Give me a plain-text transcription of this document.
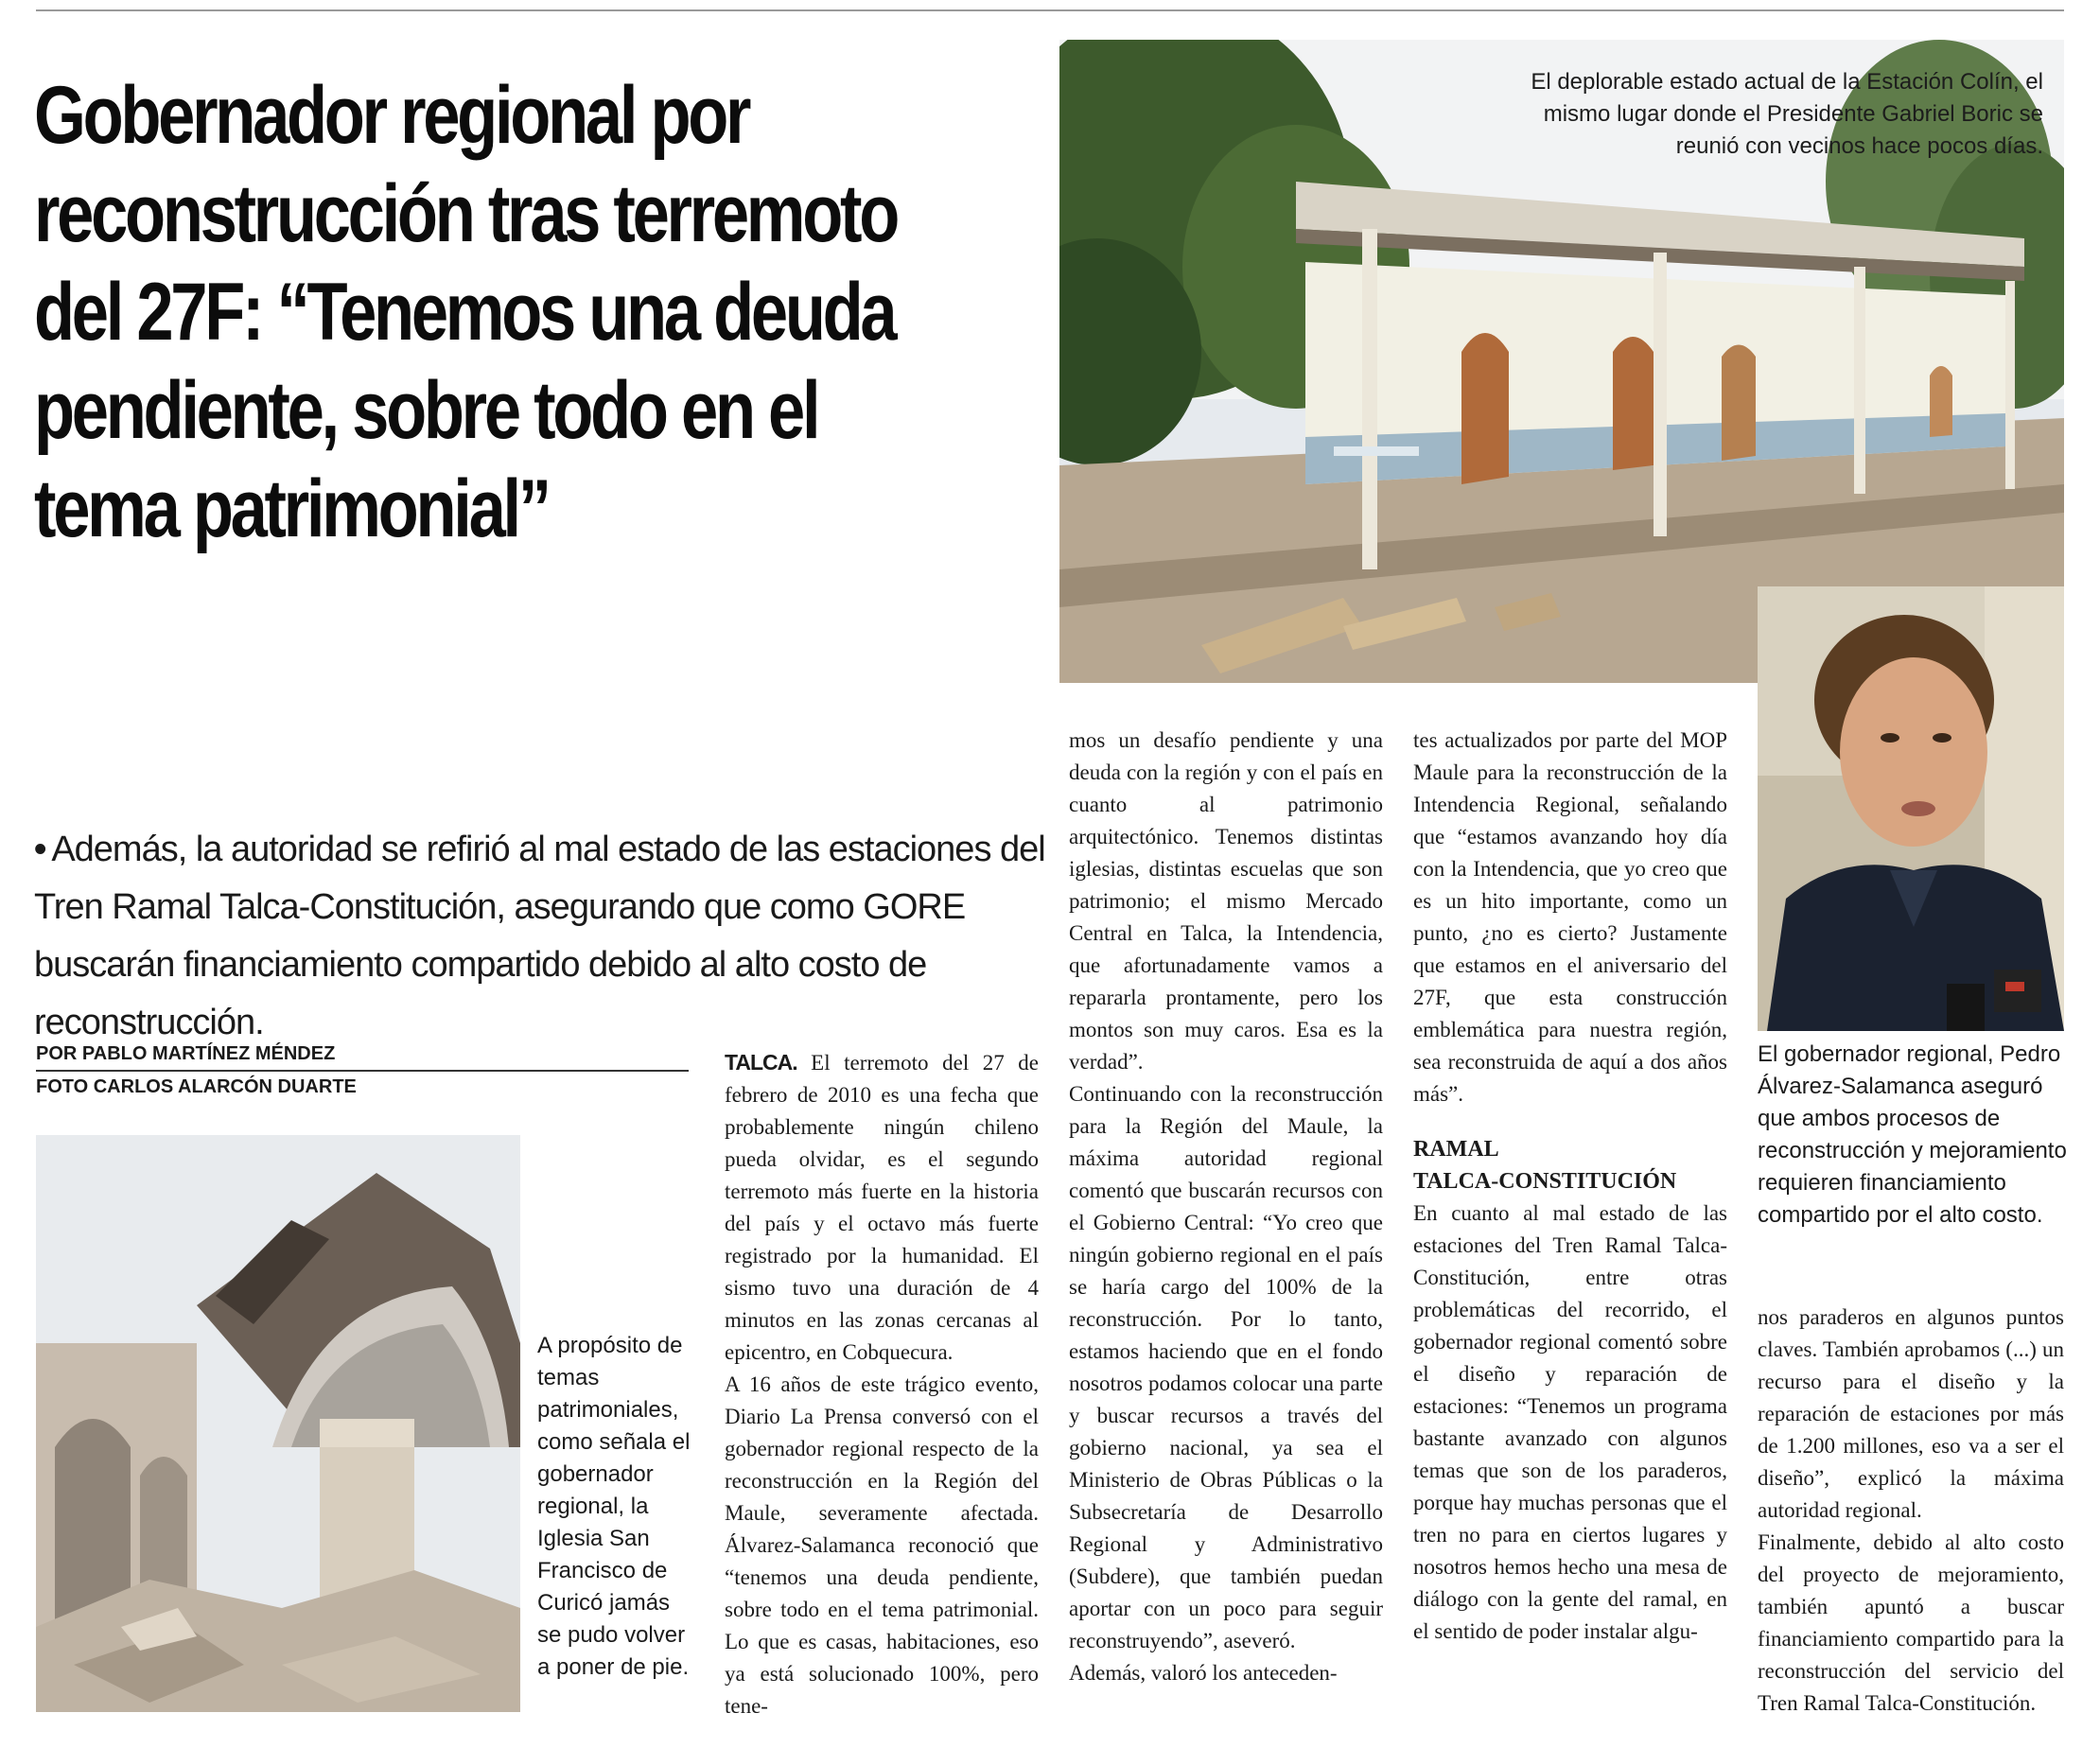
Gobernador regional por
reconstrucción tras terremoto
del 27F: “Tenemos una deuda
pendiente, sobre todo en el
tema patrimonial”
• Además, la autoridad se refirió al mal estado de las estaciones del Tren Ramal Talca-Constitución, asegurando que como GORE buscarán financiamiento compartido debido al alto costo de reconstrucción.
POR PABLO MARTÍNEZ MÉNDEZ
FOTO CARLOS ALARCÓN DUARTE
El deplorable estado actual de la Estación Colín, el mismo lugar donde el Presidente Gabriel Boric se reunió con vecinos hace pocos días.
El gobernador regional, Pedro Álvarez-Salamanca aseguró que ambos procesos de reconstrucción y mejoramiento requieren financiamiento compartido por el alto costo.
A propósito de temas patrimoniales, como señala el gobernador regional, la Iglesia San Francisco de Curicó jamás se pudo volver a poner de pie.

TALCA. El terremoto del 27 de febrero de 2010 es una fecha que probablemente ningún chileno pueda olvidar, es el segundo terremoto más fuerte en la historia del país y el octavo más fuerte registrado por la humanidad. El sismo tuvo una duración de 4 minutos en las zonas cercanas al epicentro, en Cobquecura.

A 16 años de este trágico evento, Diario La Prensa conversó con el gobernador regional respecto de la reconstrucción en la Región del Maule, severamente afectada. Álvarez-Salamanca reconoció que “tenemos una deuda pendiente, sobre todo en el tema patrimonial. Lo que es casas, habitaciones, eso ya está solucionado 100%, pero tene-

mos un desafío pendiente y una deuda con la región y con el país en cuanto al patrimonio arquitectónico. Tenemos distintas iglesias, distintas escuelas que son patrimonio; el mismo Mercado Central en Talca, la Intendencia, que afortunadamente vamos a repararla prontamente, pero los montos son muy caros. Esa es la verdad”.

Continuando con la reconstrucción para la Región del Maule, la máxima autoridad regional comentó que buscarán recursos con el Gobierno Central: “Yo creo que ningún gobierno regional en el país se haría cargo del 100% de la reconstrucción. Por lo tanto, estamos haciendo que en el fondo nosotros podamos colocar una parte y buscar recursos a través del gobierno nacional, ya sea el Ministerio de Obras Públicas o la Subsecretaría de Desarrollo Regional y Administrativo (Subdere), que también puedan aportar con un poco para seguir reconstruyendo”, aseveró.

Además, valoró los anteceden-

tes actualizados por parte del MOP Maule para la reconstrucción de la Intendencia Regional, señalando que “estamos avanzando hoy día con la Intendencia, que yo creo que es un hito importante, como un punto, ¿no es cierto? Justamente que estamos en el aniversario del 27F, que esta construcción emblemática para nuestra región, sea reconstruida de aquí a dos años más”.

RAMAL
TALCA-CONSTITUCIÓN

En cuanto al mal estado de las estaciones del Tren Ramal Talca-Constitución, entre otras problemáticas del recorrido, el gobernador regional comentó sobre el diseño y reparación de estaciones: “Tenemos un programa bastante avanzado con algunos temas que son de los paraderos, porque hay muchas personas que el tren no para en ciertos lugares y nosotros hemos hecho una mesa de diálogo con la gente del ramal, en el sentido de poder instalar algu-

nos paraderos en algunos puntos claves. También aprobamos (...) un recurso para el diseño y la reparación de estaciones por más de 1.200 millones, eso va a ser el diseño”, explicó la máxima autoridad regional.

Finalmente, debido al alto costo del proyecto de mejoramiento, también apuntó a buscar financiamiento compartido para la reconstrucción del servicio del Tren Ramal Talca-Constitución.
